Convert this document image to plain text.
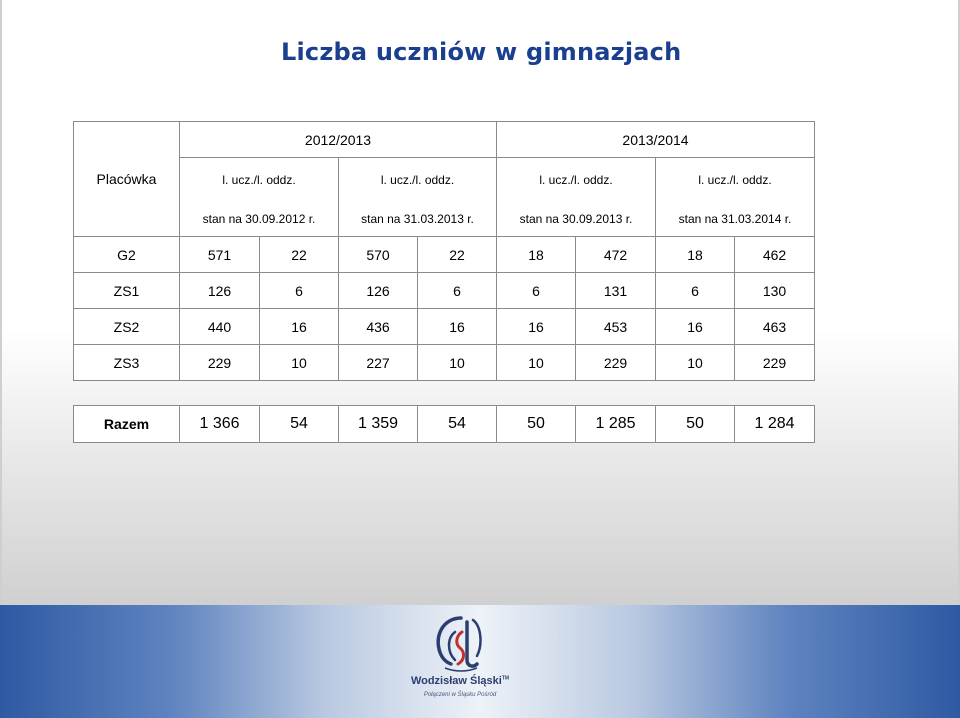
Liczba uczniów w gimnazjach
Placówka	2012/2013				2013/2014			
	l. ucz./l. oddz.		l. ucz./l. oddz.		l. ucz./l. oddz.		l. ucz./l. oddz.	
	stan na 30.09.2012 r.		stan na 31.03.2013 r.		stan na 30.09.2013 r.		stan na 31.03.2014 r.	
G2	571	22	570	22	18	472	18	462
ZS1	126	6	126	6	6	131	6	130
ZS2	440	16	436	16	16	453	16	463
ZS3	229	10	227	10	10	229	10	229
Razem	1 366	54	1 359	54	50	1 285	50	1 284
Wodzisław Śląski™
Połączeni w Śląsku Pośród
